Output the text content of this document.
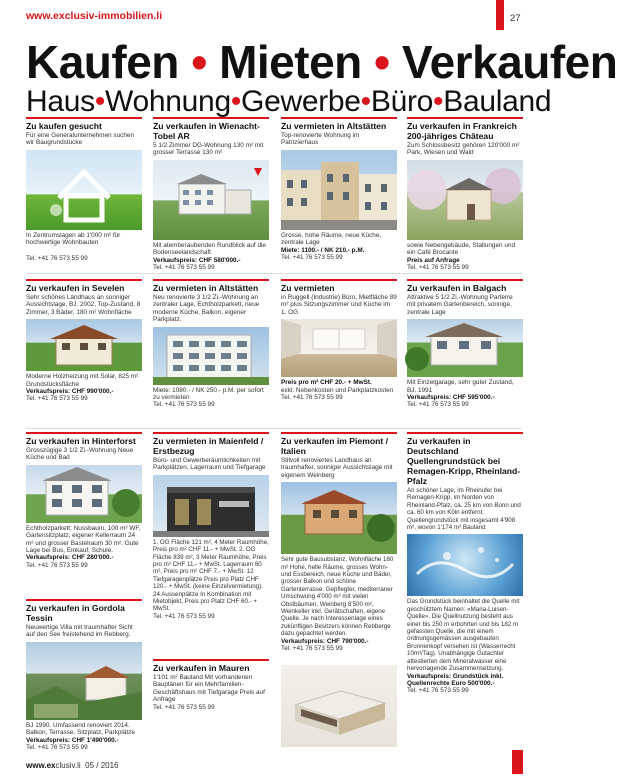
www.exclusiv-immobilien.li	27
Kaufen • Mieten • Verkaufen
Haus•Wohnung•Gewerbe•Büro•Bauland
Zu kaufen gesucht
Für eine Generalunternehmen suchen wir Baugrundstücke
In Zentrumslagen ab 1'000 m² für hochwertige Wohnbauten
Tel. +41 76 573 55 99
Zu verkaufen in Wienacht-Tobel AR
5 1/2 Zimmer DG-Wohnung 130 m² mit grosser Terrasse 130 m²
Mit atemberaubenden Rundblick auf die Bodenseelandschaft
Verkaufspreis: CHF 580'000.-
Tel. +41 76 573 55 99
Zu vermieten in Altstätten
Top-renovierte Wohnung im Patrizierhaus
Grosse, hohe Räume, neue Küche, zentrale Lage
Miete: 1100.- / NK 210.- p.M.
Tel. +41 76 573 55 99
Zu verkaufen in Frankreich 200-jähriges Château
Zum Schlossbesitz gehören 120'000 m² Park, Wiesen und Wald
sowie Nebengebäude, Stallungen und ein Café Brocante
Preis auf Anfrage
Tel. +41 76 573 55 99
Zu verkaufen in Sevelen
Sehr schönes Landhaus an sonniger Aussichtslage, BJ. 2002, Top-Zustand, 8 Zimmer, 3 Bäder, 180 m² Wohnfläche
Moderne Holzheizung mit Solar, 825 m² Grundstücksfläche
Verkaufspreis: CHF 990'000.-
Tel. +41 76 573 55 99
Zu vermieten in Altstätten
Neu renovierte 3 1/2 Zi.-Wohnung an zentraler Lage, Echtholzparkett, neue moderne Küche, Balkon, eigener Parkplatz.
Miete: 1080.- / NK 250.- p.M. per sofort zu vermieten
Tel. +41 76 573 55 99
Zu vermieten
in Ruggell (Industrie) Büro, Mietfläche 89 m² plus Sitzungszimmer und Küche im 1. OG
Preis pro m² CHF 20.- + MwSt.
exkl. Nebenkosten und Parkplatzkosten
Tel. +41 76 573 55 99
Zu verkaufen in Balgach
Attraktive 5 1/2 Zi.-Wohnung Parterre mit privatem Gartenbereich, sonnige, zentrale Lage
Mit Einzelgarage, sehr guter Zustand, BJ. 1991
Verkaufspreis: CHF 595'000.-
Tel. +41 76 573 55 99
Zu verkaufen in Hinterforst
Grosszügige 3 1/2 Zi.-Wohnung Neue Küche und Bad
Echtholzparkett: Nussbaum, 100 m² WF, Gartensitzplatz, eigener Kellerraum 24 m² und grosser Bastelraum 30 m². Gute Lage bei Bus, Einkauf, Schule.
Verkaufspreis: CHF 280'000.-
Tel. +41 76 573 55 99
Zu vermieten in Maienfeld / Erstbezug
Büro- und Gewerberäumlichkeiten mit Parkplätzen, Lagerraum und Tiefgarage
1. OG Fläche 121 m², 4 Meter Raumhöhe, Preis pro m² CHF 11.- + MwSt. 2. OG Fläche 839 m², 3 Meter Raumhöhe, Preis pro m² CHF 11.- + MwSt. Lagerraum 60 m², Preis pro m² CHF 7.- + MwSt. 12 Tiefgaragenplätze Preis pro Platz CHF 120.- + MwSt. (keine Einzelvermietung). 24 Aussenplätze In Kombination mit Mietobjekt, Preis pro Platz CHF 60.- + MwSt.
Tel. +41 76 573 55 99
Zu verkaufen im Piemont / Italien
Stilvoll renoviertes Landhaus an traumhafter, sonniger Aussichtslage mit eigenem Weinberg
Sehr gute Bausubstanz, Wohnfläche 180 m² Hohe, helle Räume, grosses Wohn- und Essbereich, neue Küche und Bäder, grosser Balkon und schöne Gartenterrasse. Gepflegter, mediterraner Umschwung 4'000 m² mit vielen Obstbäumen, Weinberg 8'500 m², Weinkeller inkl. Gerätschaften, eigene Quelle. Je nach Interessenlage eines zukünftigen Besitzers können Rebberge dazu gepachtet werden.
Verkaufspreis: CHF 790'000.-
Tel. +41 76 573 55 99
Zu verkaufen in Deutschland Quellengrundstück bei Remagen-Kripp, Rheinland-Pfalz
An schöner Lage, im Rheinufer bei Remagen-Kripp, im Norden von Rheinland-Pfalz, ca. 25 km von Bonn und ca. 60 km von Köln entfernt. Quellengrundstück mit insgesamt 4'908 m², wovon 1'174 m² Bauland
Das Grundstück beinhaltet die Quelle mit geschütztem Namen: «Maria-Luisen-Quelle». Die Quellnutzung besteht aus einer bis 250 m erbohrten und bis 182 m gefassten Quelle, die mit einem ordnungsgemässen ausgebauten Brunnenkopf versehen ist (Wasserrecht 10m³/Tag). Unabhängige Gutachter attestierten dem Mineralwasser eine hervorragende Zusammensetzung.
Verkaufspreis: Grundstück inkl. Quellenrechte Euro 500'000.-
Tel. +41 76 573 55 99
Zu verkaufen in Gordola Tessin
Neuwertige Villa mit traumhafter Sicht auf den See freistehend im Rebberg.
BJ 1990. Umfassend renoviert 2014. Balkon, Terrasse, Sitzplatz, Parkplätze
Verkaufspreis: CHF 1'490'000.-
Tel. +41 76 573 55 99
Zu verkaufen in Mauren
1'101 m² Bauland Mit vorhandenen Bauplänen für ein Mehrfamilien-Geschäftshaus mit Tiefgarage Preis auf Anfrage
Tel. +41 76 573 55 99
www.exclusiv.li 05 / 2016
